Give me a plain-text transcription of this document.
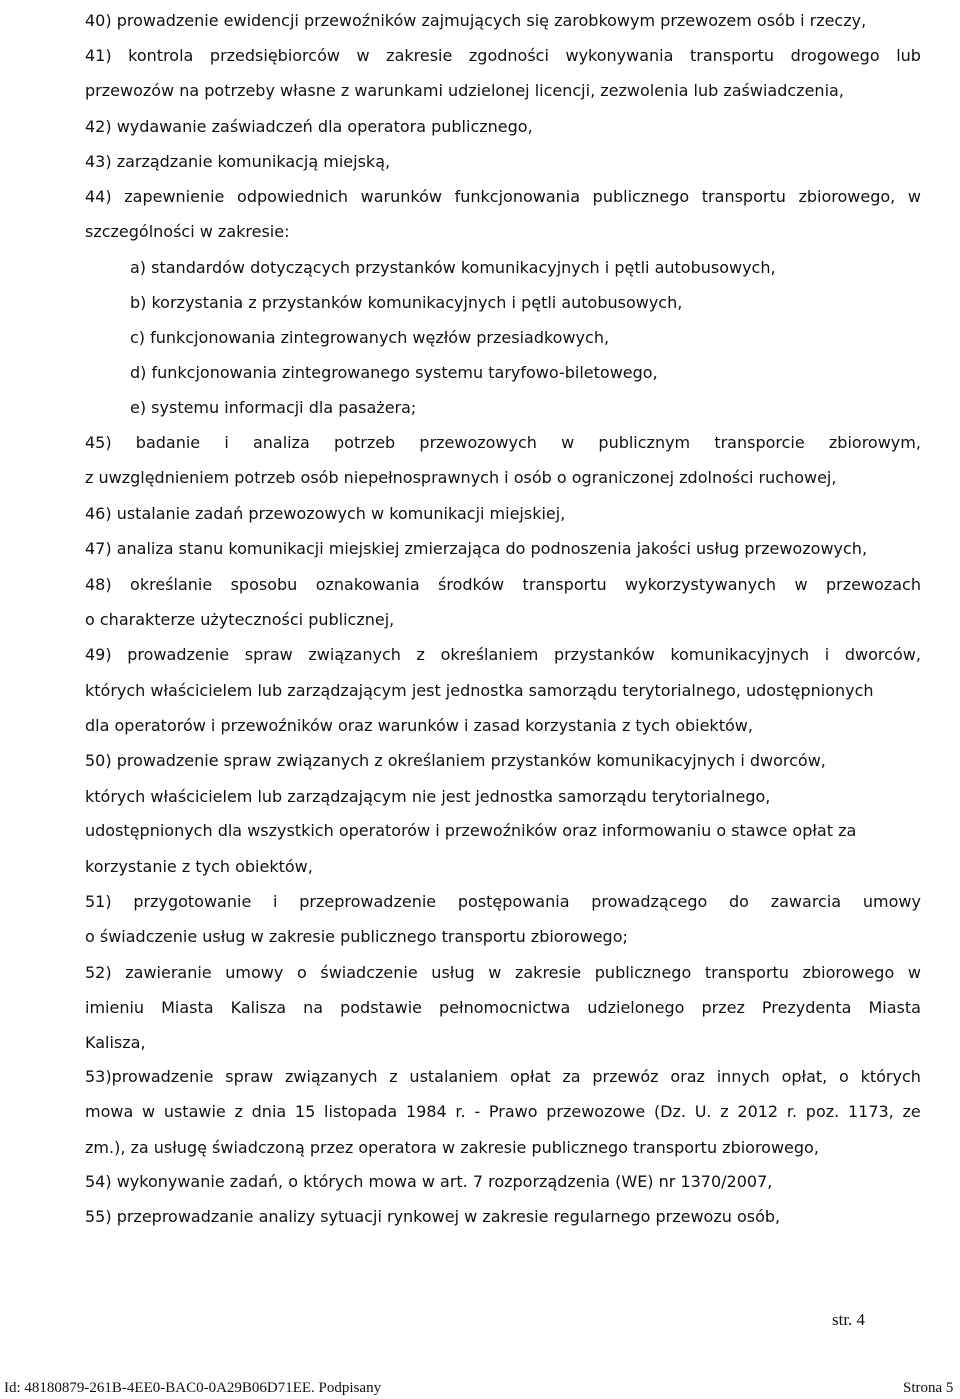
40) prowadzenie ewidencji przewoźników zajmujących się zarobkowym przewozem osób i rzeczy,
41) kontrola przedsiębiorców w zakresie zgodności wykonywania transportu drogowego lub
przewozów na potrzeby własne z warunkami udzielonej licencji, zezwolenia lub zaświadczenia,
42) wydawanie zaświadczeń dla operatora publicznego,
43) zarządzanie komunikacją miejską,
44) zapewnienie odpowiednich warunków funkcjonowania publicznego transportu zbiorowego, w
szczególności w zakresie:
a) standardów dotyczących przystanków komunikacyjnych i pętli autobusowych,
b) korzystania z przystanków komunikacyjnych i pętli autobusowych,
c) funkcjonowania zintegrowanych węzłów przesiadkowych,
d) funkcjonowania zintegrowanego systemu taryfowo-biletowego,
e) systemu informacji dla pasażera;
45) badanie i analiza potrzeb przewozowych w publicznym transporcie zbiorowym,
z uwzględnieniem potrzeb osób niepełnosprawnych i osób o ograniczonej zdolności ruchowej,
46) ustalanie zadań przewozowych w komunikacji miejskiej,
47) analiza stanu komunikacji miejskiej zmierzająca do podnoszenia jakości usług przewozowych,
48) określanie sposobu oznakowania środków transportu wykorzystywanych w przewozach
o charakterze użyteczności publicznej,
49) prowadzenie spraw związanych z określaniem przystanków komunikacyjnych i dworców,
których właścicielem lub zarządzającym jest jednostka samorządu terytorialnego, udostępnionych
dla operatorów i przewoźników oraz warunków i zasad korzystania z tych obiektów,
50) prowadzenie spraw związanych z określaniem przystanków komunikacyjnych i dworców,
których właścicielem lub zarządzającym nie jest jednostka samorządu terytorialnego,
udostępnionych dla wszystkich operatorów i przewoźników oraz informowaniu o stawce opłat za
korzystanie z tych obiektów,
51) przygotowanie i przeprowadzenie postępowania prowadzącego do zawarcia umowy
o świadczenie usług w zakresie publicznego transportu zbiorowego;
52) zawieranie umowy o świadczenie usług w zakresie publicznego transportu zbiorowego w
imieniu Miasta Kalisza na podstawie pełnomocnictwa udzielonego przez Prezydenta Miasta
Kalisza,
53)prowadzenie spraw związanych z ustalaniem opłat za przewóz oraz innych opłat, o których
mowa w ustawie z dnia 15 listopada 1984 r. - Prawo przewozowe (Dz. U. z 2012 r. poz. 1173, ze
zm.), za usługę świadczoną przez operatora w zakresie publicznego transportu zbiorowego,
54) wykonywanie zadań, o których mowa w art. 7 rozporządzenia (WE) nr 1370/2007,
55) przeprowadzanie analizy sytuacji rynkowej w zakresie regularnego przewozu osób,
str. 4
Id: 48180879-261B-4EE0-BAC0-0A29B06D71EE. Podpisany	Strona 5
